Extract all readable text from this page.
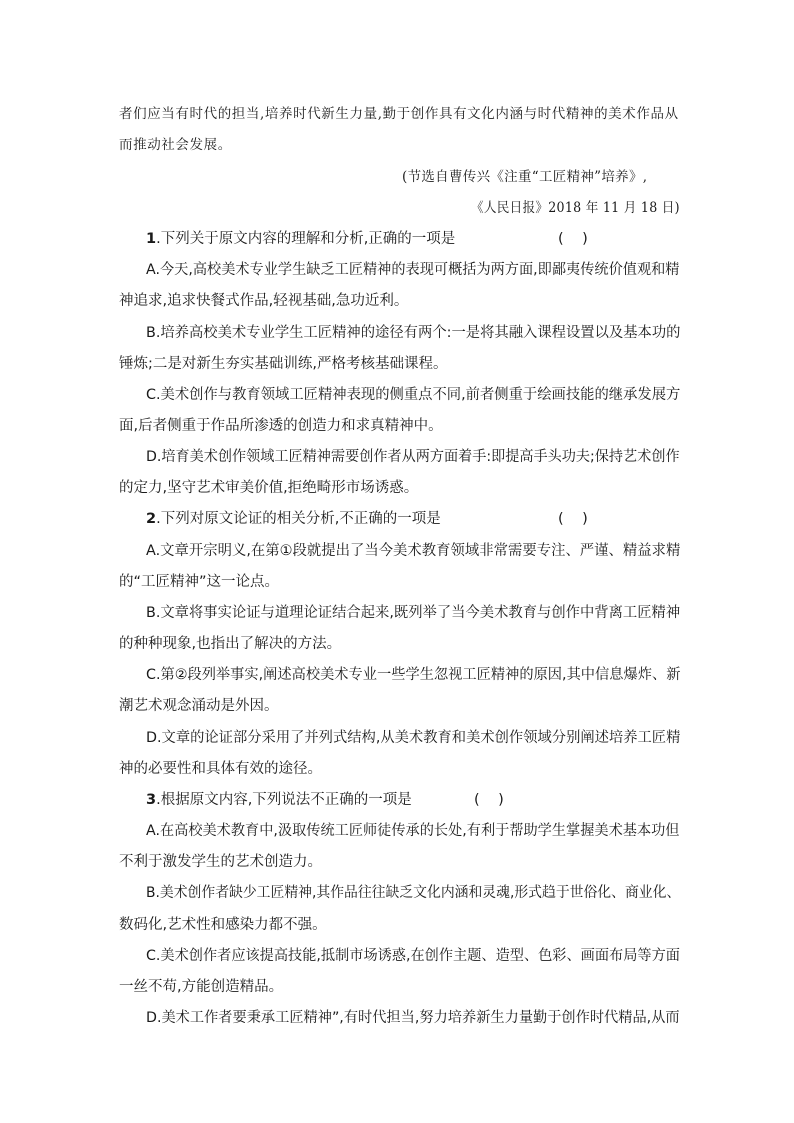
者们应当有时代的担当,培养时代新生力量,勤于创作具有文化内涵与时代精神的美术作品从
而推动社会发展。
(节选自曹传兴《注重“工匠精神”培养》,
《人民日报》2018 年 11 月 18 日)
1.下列关于原文内容的理解和分析,正确的一项是	(    )
A.今天,高校美术专业学生缺乏工匠精神的表现可概括为两方面,即鄙夷传统价值观和精
神追求,追求快餐式作品,轻视基础,急功近利。
B.培养高校美术专业学生工匠精神的途径有两个:一是将其融入课程设置以及基本功的
锤炼;二是对新生夯实基础训练,严格考核基础课程。
C.美术创作与教育领域工匠精神表现的侧重点不同,前者侧重于绘画技能的继承发展方
面,后者侧重于作品所渗透的创造力和求真精神中。
D.培育美术创作领域工匠精神需要创作者从两方面着手:即提高手头功夫;保持艺术创作
的定力,坚守艺术审美价值,拒绝畸形市场诱惑。
2.下列对原文论证的相关分析,不正确的一项是	(    )
A.文章开宗明义,在第①段就提出了当今美术教育领域非常需要专注、严谨、精益求精
的“工匠精神”这一论点。
B.文章将事实论证与道理论证结合起来,既列举了当今美术教育与创作中背离工匠精神
的种种现象,也指出了解决的方法。
C.第②段列举事实,阐述高校美术专业一些学生忽视工匠精神的原因,其中信息爆炸、新
潮艺术观念涌动是外因。
D.文章的论证部分采用了并列式结构,从美术教育和美术创作领域分别阐述培养工匠精
神的必要性和具体有效的途径。
3.根据原文内容,下列说法不正确的一项是	(    )
A.在高校美术教育中,汲取传统工匠师徒传承的长处,有利于帮助学生掌握美术基本功但
不利于激发学生的艺术创造力。
B.美术创作者缺少工匠精神,其作品往往缺乏文化内涵和灵魂,形式趋于世俗化、商业化、
数码化,艺术性和感染力都不强。
C.美术创作者应该提高技能,抵制市场诱惑,在创作主题、造型、色彩、画面布局等方面
一丝不苟,方能创造精品。
D.美术工作者要秉承工匠精神”,有时代担当,努力培养新生力量勤于创作时代精品,从而
